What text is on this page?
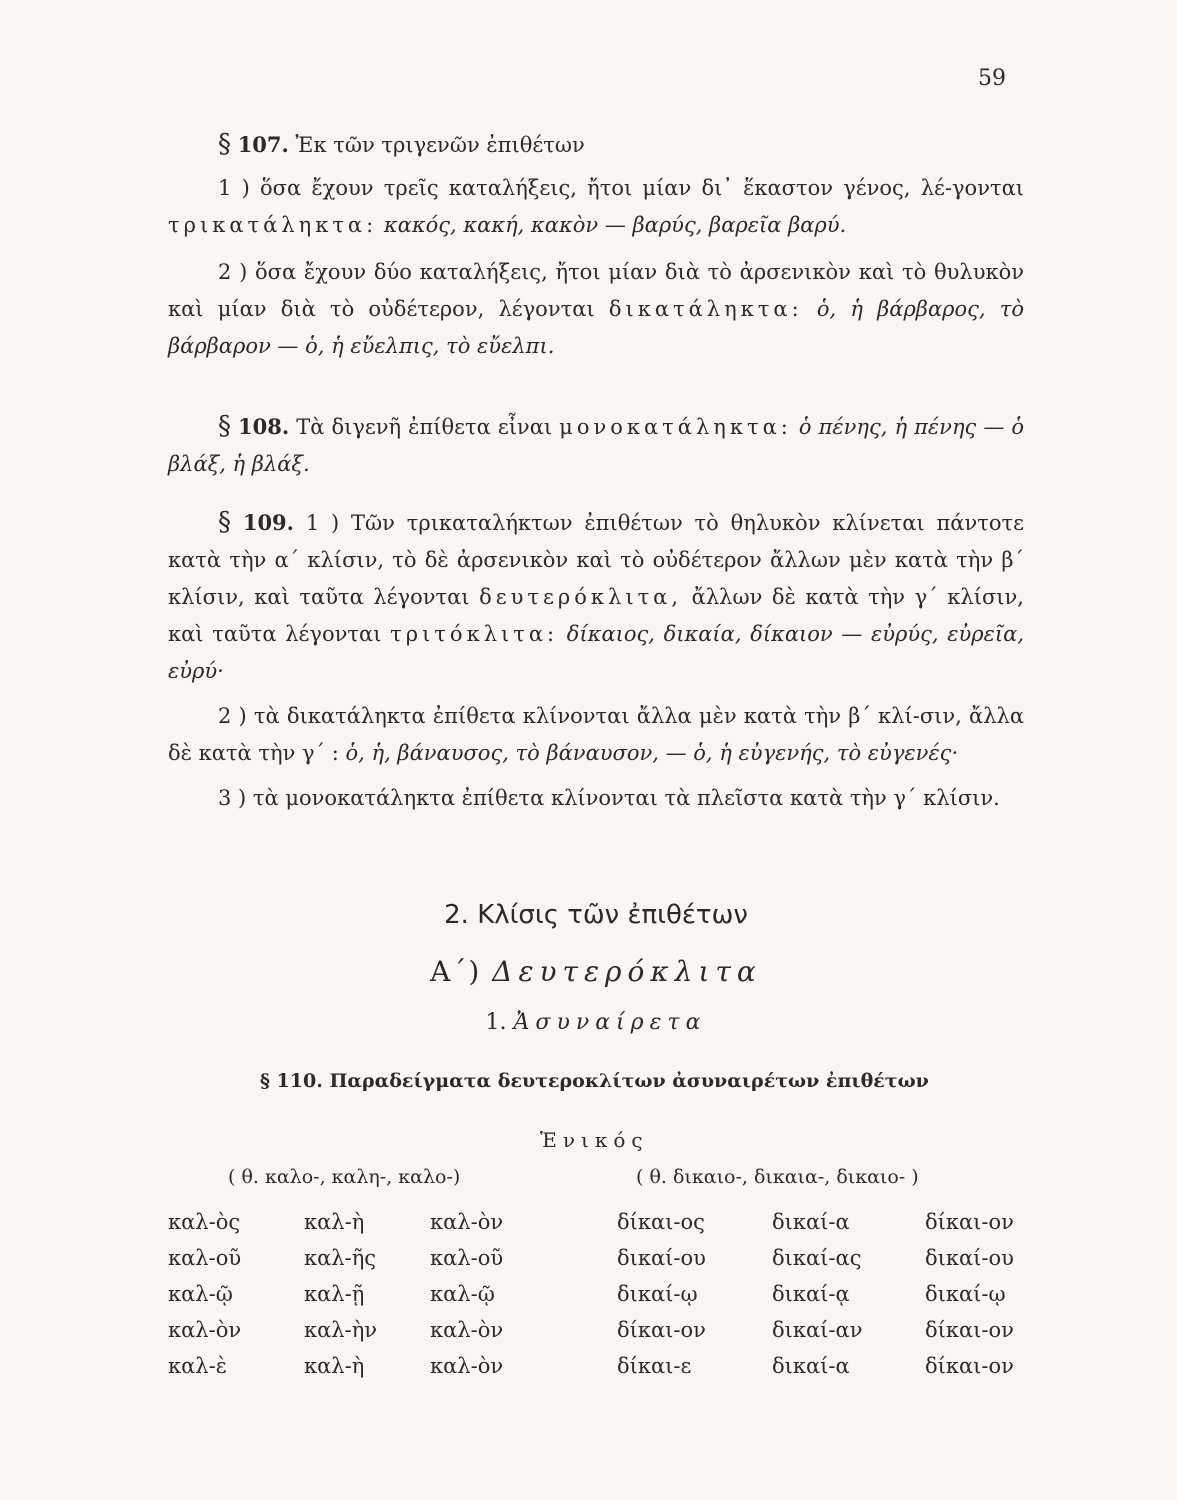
59
§ 107. Ἐκ τῶν τριγενῶν ἐπιθέτων
1 ) ὅσα ἔχουν τρεῖς καταλήξεις, ἤτοι μίαν δι᾽ ἕκαστον γένος, λέ-γονται τρικατάληκτα: κακός, κακή, κακὸν — βαρύς, βαρεῖα βαρύ.
2 ) ὅσα ἔχουν δύο καταλήξεις, ἤτοι μίαν διὰ τὸ ἀρσενικὸν καὶ τὸ θυλυκὸν καὶ μίαν διὰ τὸ οὐδέτερον, λέγονται δικατάληκτα: ὁ, ἡ βάρβαρος, τὸ βάρβαρον — ὁ, ἡ εὔελπις, τὸ εὔελπι.
§ 108. Τὰ διγενῆ ἐπίθετα εἶναι μονοκατάληκτα: ὁ πένης, ἡ πένης — ὁ βλάξ, ἡ βλάξ.
§ 109. 1 ) Τῶν τρικαταλήκτων ἐπιθέτων τὸ θηλυκὸν κλίνεται πάντοτε κατὰ τὴν α΄ κλίσιν, τὸ δὲ ἀρσενικὸν καὶ τὸ οὐδέτερον ἄλλων μὲν κατὰ τὴν β΄ κλίσιν, καὶ ταῦτα λέγονται δευτερόκλιτα, ἄλλων δὲ κατὰ τὴν γ΄ κλίσιν, καὶ ταῦτα λέγονται τριτόκλιτα: δίκαιος, δικαία, δίκαιον — εὐρύς, εὐρεῖα, εὐρύ·
2 ) τὰ δικατάληκτα ἐπίθετα κλίνονται ἄλλα μὲν κατὰ τὴν β΄ κλί-σιν, ἄλλα δὲ κατὰ τὴν γ΄ : ὁ, ἡ, βάναυσος, τὸ βάναυσον, — ὁ, ἡ εὐγενής, τὸ εὐγενές·
3 ) τὰ μονοκατάληκτα ἐπίθετα κλίνονται τὰ πλεῖστα κατὰ τὴν γ΄ κλίσιν.
2. Κλίσις τῶν ἐπιθέτων
Α΄) Δευτερόκλιτα
1. Ἀσυναίρετα
§ 110. Παραδείγματα δευτεροκλίτων ἀσυναιρέτων ἐπιθέτων
Ἑνικός
( θ. καλο-, καλη-, καλο-)	( θ. δικαιο-, δικαια-, δικαιο- )
καλ-ὸς	καλ-ὴ	καλ-ὸν	δίκαι-ος	δικαί-α	δίκαι-ον
καλ-οῦ	καλ-ῆς	καλ-οῦ	δικαί-ου	δικαί-ας	δικαί-ου
καλ-ῷ	καλ-ῇ	καλ-ῷ	δικαί-ῳ	δικαί-ᾳ	δικαί-ῳ
καλ-ὸν	καλ-ὴν	καλ-ὸν	δίκαι-ον	δικαί-αν	δίκαι-ον
καλ-ὲ	καλ-ὴ	καλ-ὸν	δίκαι-ε	δικαί-α	δίκαι-ον
